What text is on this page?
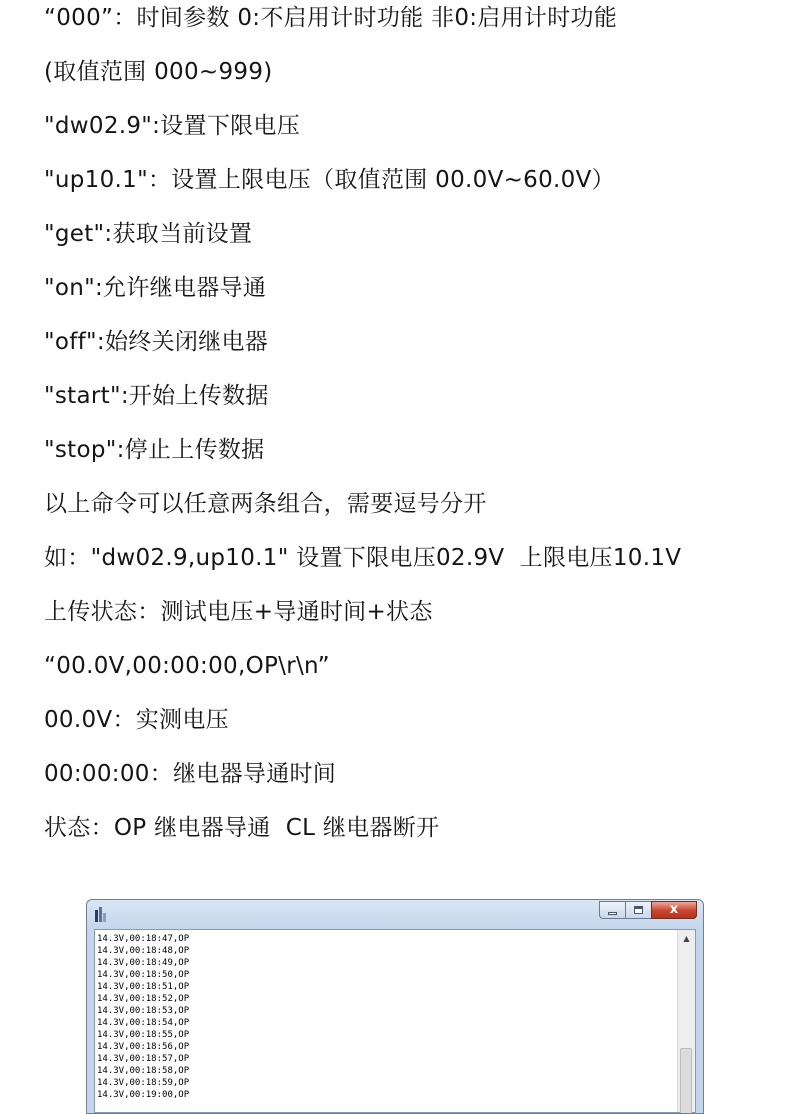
“000”：时间参数 0:不启用计时功能 非0:启用计时功能
(取值范围 000~999)
"dw02.9":设置下限电压
"up10.1"：设置上限电压（取值范围 00.0V~60.0V）
"get":获取当前设置
"on":允许继电器导通
"off":始终关闭继电器
"start":开始上传数据
"stop":停止上传数据
以上命令可以任意两条组合，需要逗号分开
如："dw02.9,up10.1" 设置下限电压02.9V  上限电压10.1V
上传状态：测试电压+导通时间+状态
“00.0V,00:00:00,OP\r\n”
00.0V：实测电压
00:00:00：继电器导通时间
状态：OP 继电器导通  CL 继电器断开
x
14.3V,00:18:47,OP
14.3V,00:18:48,OP
14.3V,00:18:49,OP
14.3V,00:18:50,OP
14.3V,00:18:51,OP
14.3V,00:18:52,OP
14.3V,00:18:53,OP
14.3V,00:18:54,OP
14.3V,00:18:55,OP
14.3V,00:18:56,OP
14.3V,00:18:57,OP
14.3V,00:18:58,OP
14.3V,00:18:59,OP
14.3V,00:19:00,OP
▲
